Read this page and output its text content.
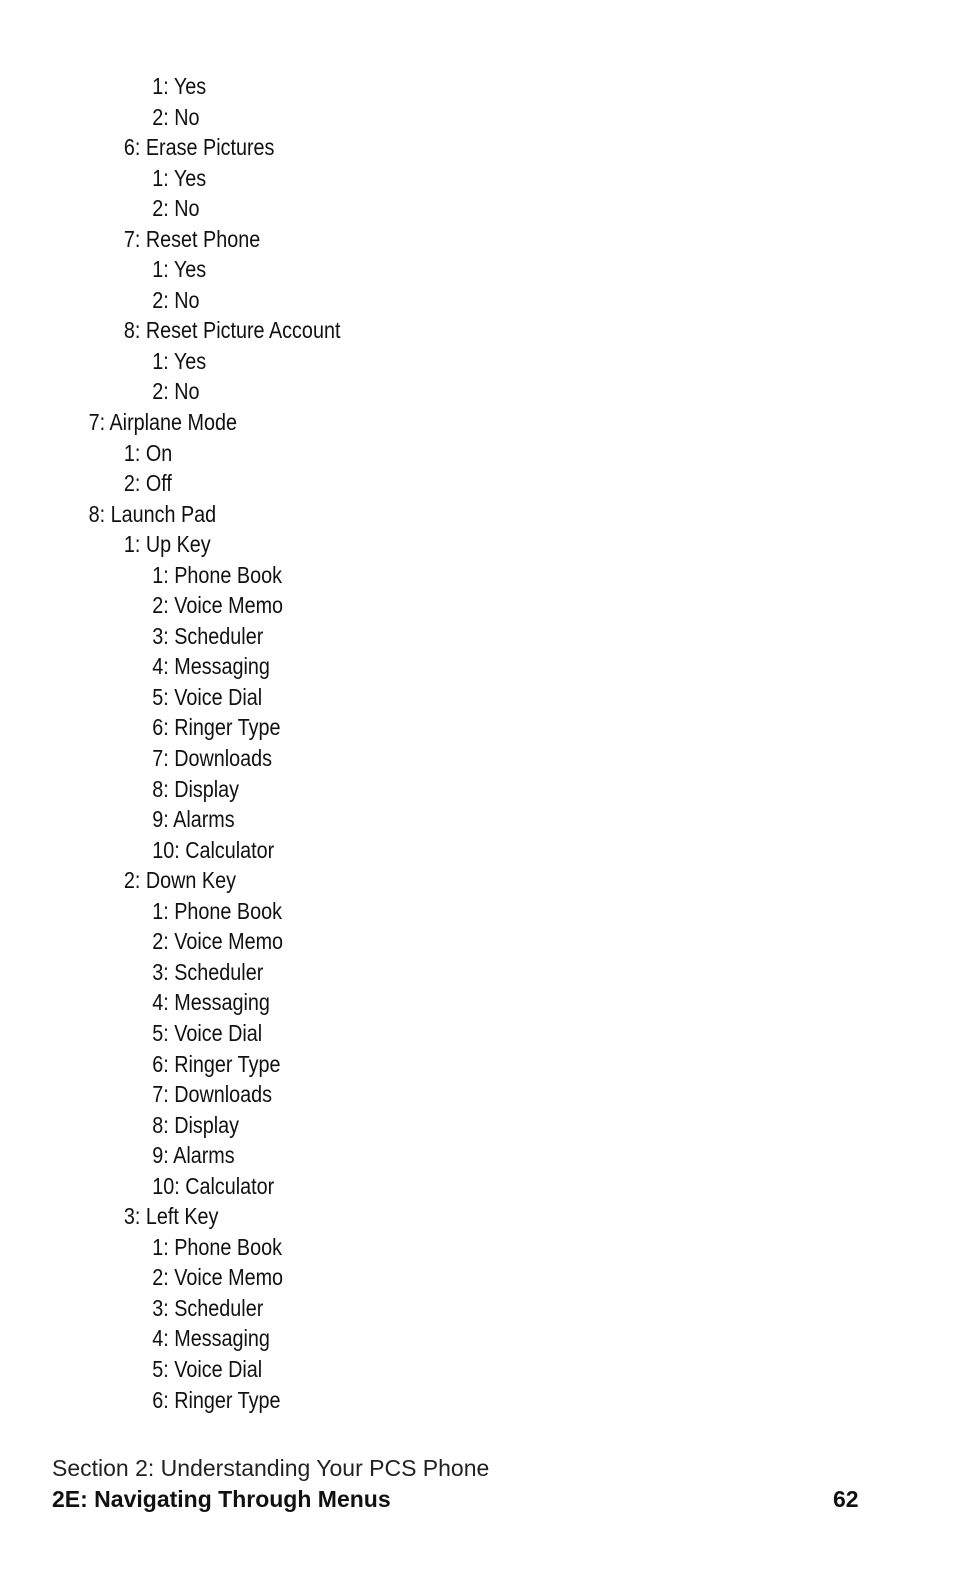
1: Yes
2: No
6: Erase Pictures
1: Yes
2: No
7: Reset Phone
1: Yes
2: No
8: Reset Picture Account
1: Yes
2: No
7: Airplane Mode
1: On
2: Off
8: Launch Pad
1: Up Key
1: Phone Book
2: Voice Memo
3: Scheduler
4: Messaging
5: Voice Dial
6: Ringer Type
7: Downloads
8: Display
9: Alarms
10: Calculator
2: Down Key
1: Phone Book
2: Voice Memo
3: Scheduler
4: Messaging
5: Voice Dial
6: Ringer Type
7: Downloads
8: Display
9: Alarms
10: Calculator
3: Left Key
1: Phone Book
2: Voice Memo
3: Scheduler
4: Messaging
5: Voice Dial
6: Ringer Type
Section 2: Understanding Your PCS Phone
2E: Navigating Through Menus	62
